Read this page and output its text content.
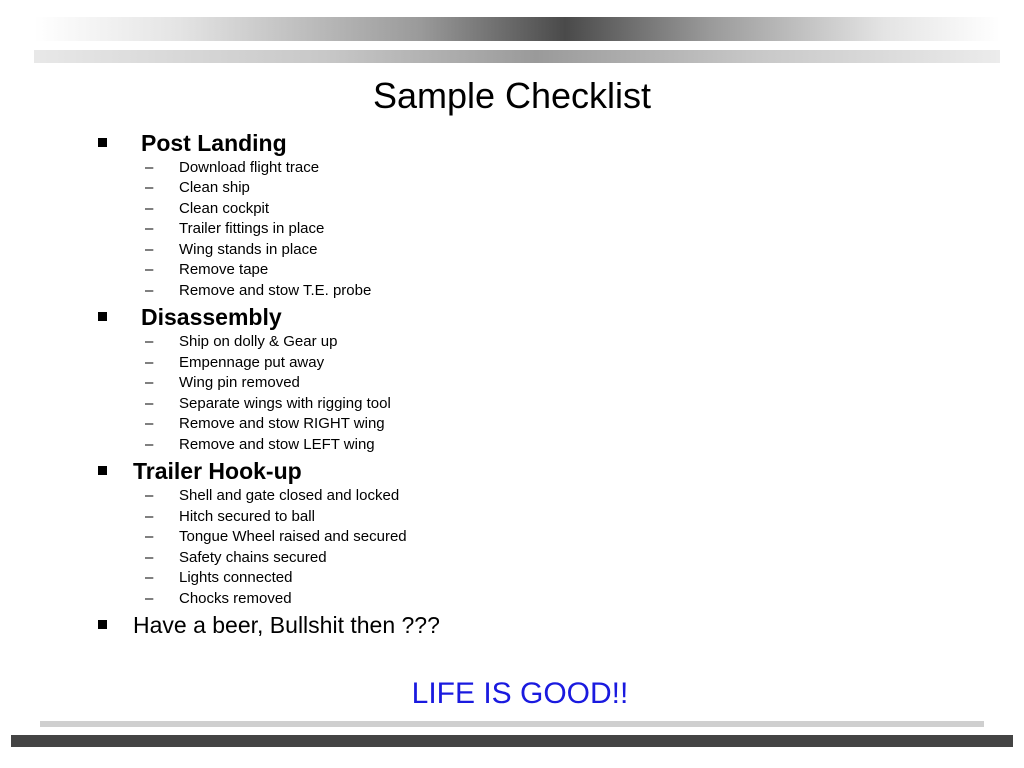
Sample Checklist
Post Landing
– Download flight trace
– Clean ship
– Clean cockpit
– Trailer fittings in place
– Wing stands in place
– Remove tape
– Remove and stow T.E. probe
Disassembly
– Ship on dolly & Gear up
– Empennage put away
– Wing pin removed
– Separate wings with rigging tool
– Remove and stow RIGHT wing
– Remove and stow LEFT wing
Trailer Hook-up
– Shell and gate closed and locked
– Hitch secured to ball
– Tongue Wheel raised and secured
– Safety chains secured
– Lights connected
– Chocks removed
Have a beer, Bullshit then ???
LIFE IS GOOD!!
